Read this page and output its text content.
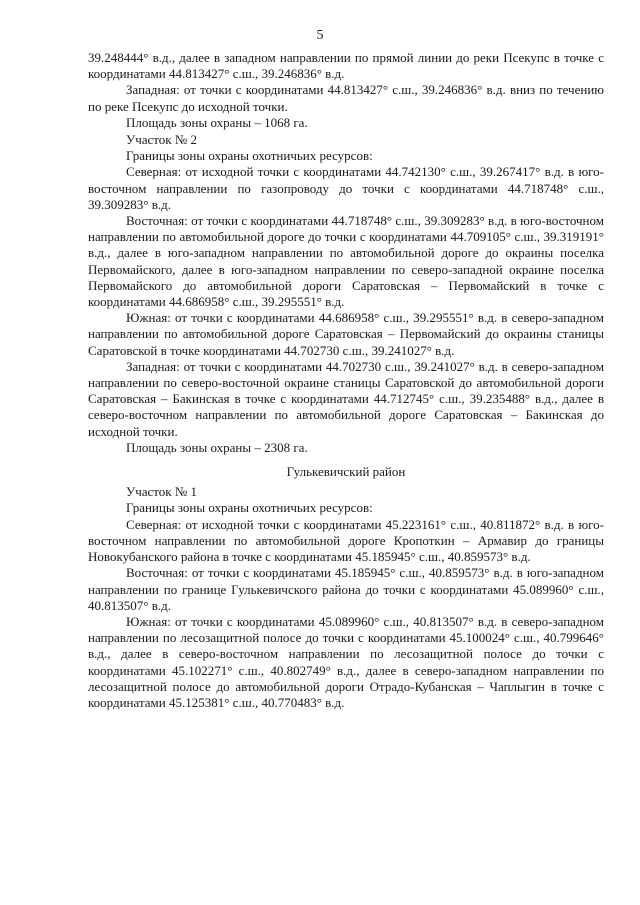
5

39.248444° в.д., далее в западном направлении по прямой линии до реки Псекупс в точке с координатами 44.813427° с.ш., 39.246836° в.д.

Западная: от точки с координатами 44.813427° с.ш., 39.246836° в.д. вниз по течению по реке Псекупс до исходной точки.

Площадь зоны охраны – 1068 га.

Участок № 2

Границы зоны охраны охотничьих ресурсов:

Северная: от исходной точки с координатами 44.742130° с.ш., 39.267417° в.д. в юго-восточном направлении по газопроводу до точки с координатами 44.718748° с.ш., 39.309283° в.д.

Восточная: от точки с координатами 44.718748° с.ш., 39.309283° в.д. в юго-восточном направлении по автомобильной дороге до точки с координатами 44.709105° с.ш., 39.319191° в.д., далее в юго-западном направлении по автомобильной дороге до окраины поселка Первомайского, далее в юго-западном направлении по северо-западной окраине поселка Первомайского до автомобильной дороги Саратовская – Первомайский в точке с координатами 44.686958° с.ш., 39.295551° в.д.

Южная: от точки с координатами 44.686958° с.ш., 39.295551° в.д. в северо-западном направлении по автомобильной дороге Саратовская – Первомайский до окраины станицы Саратовской в точке координатами 44.702730 с.ш., 39.241027° в.д.

Западная: от точки с координатами 44.702730 с.ш., 39.241027° в.д. в северо-западном направлении по северо-восточной окраине станицы Саратовской до автомобильной дороги Саратовская – Бакинская в точке с координатами 44.712745° с.ш., 39.235488° в.д., далее в северо-восточном направлении по автомобильной дороге Саратовская – Бакинская до исходной точки.

Площадь зоны охраны – 2308 га.

Гулькевичский район

Участок № 1

Границы зоны охраны охотничьих ресурсов:

Северная: от исходной точки с координатами 45.223161° с.ш., 40.811872° в.д. в юго-восточном направлении по автомобильной дороге Кропоткин – Армавир до границы Новокубанского района в точке с координатами 45.185945° с.ш., 40.859573° в.д.

Восточная: от точки с координатами 45.185945° с.ш., 40.859573° в.д. в юго-западном направлении по границе Гулькевичского района до точки с координатами 45.089960° с.ш., 40.813507° в.д.

Южная: от точки с координатами 45.089960° с.ш., 40.813507° в.д. в северо-западном направлении по лесозащитной полосе до точки с координатами 45.100024° с.ш., 40.799646° в.д., далее в северо-восточном направлении по лесозащитной полосе до точки с координатами 45.102271° с.ш., 40.802749° в.д., далее в северо-западном направлении по лесозащитной полосе до автомобильной дороги Отрадо-Кубанская – Чаплыгин в точке с координатами 45.125381° с.ш., 40.770483° в.д.
